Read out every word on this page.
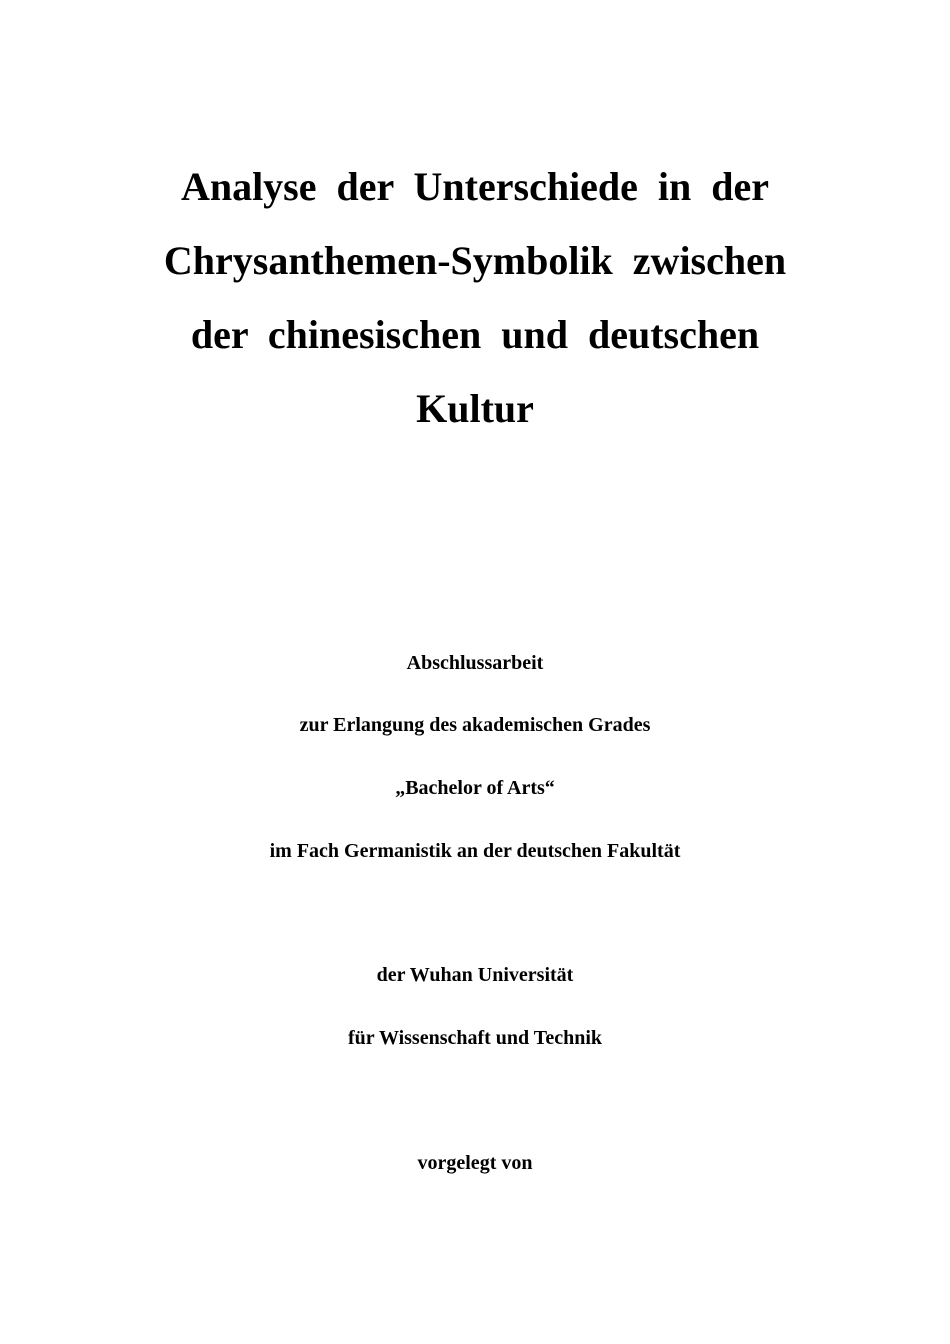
Analyse der Unterschiede in der
Chrysanthemen-Symbolik zwischen
der chinesischen und deutschen
Kultur
Abschlussarbeit
zur Erlangung des akademischen Grades
„Bachelor of Arts“
im Fach Germanistik an der deutschen Fakultät
der Wuhan Universität
für Wissenschaft und Technik
vorgelegt von
